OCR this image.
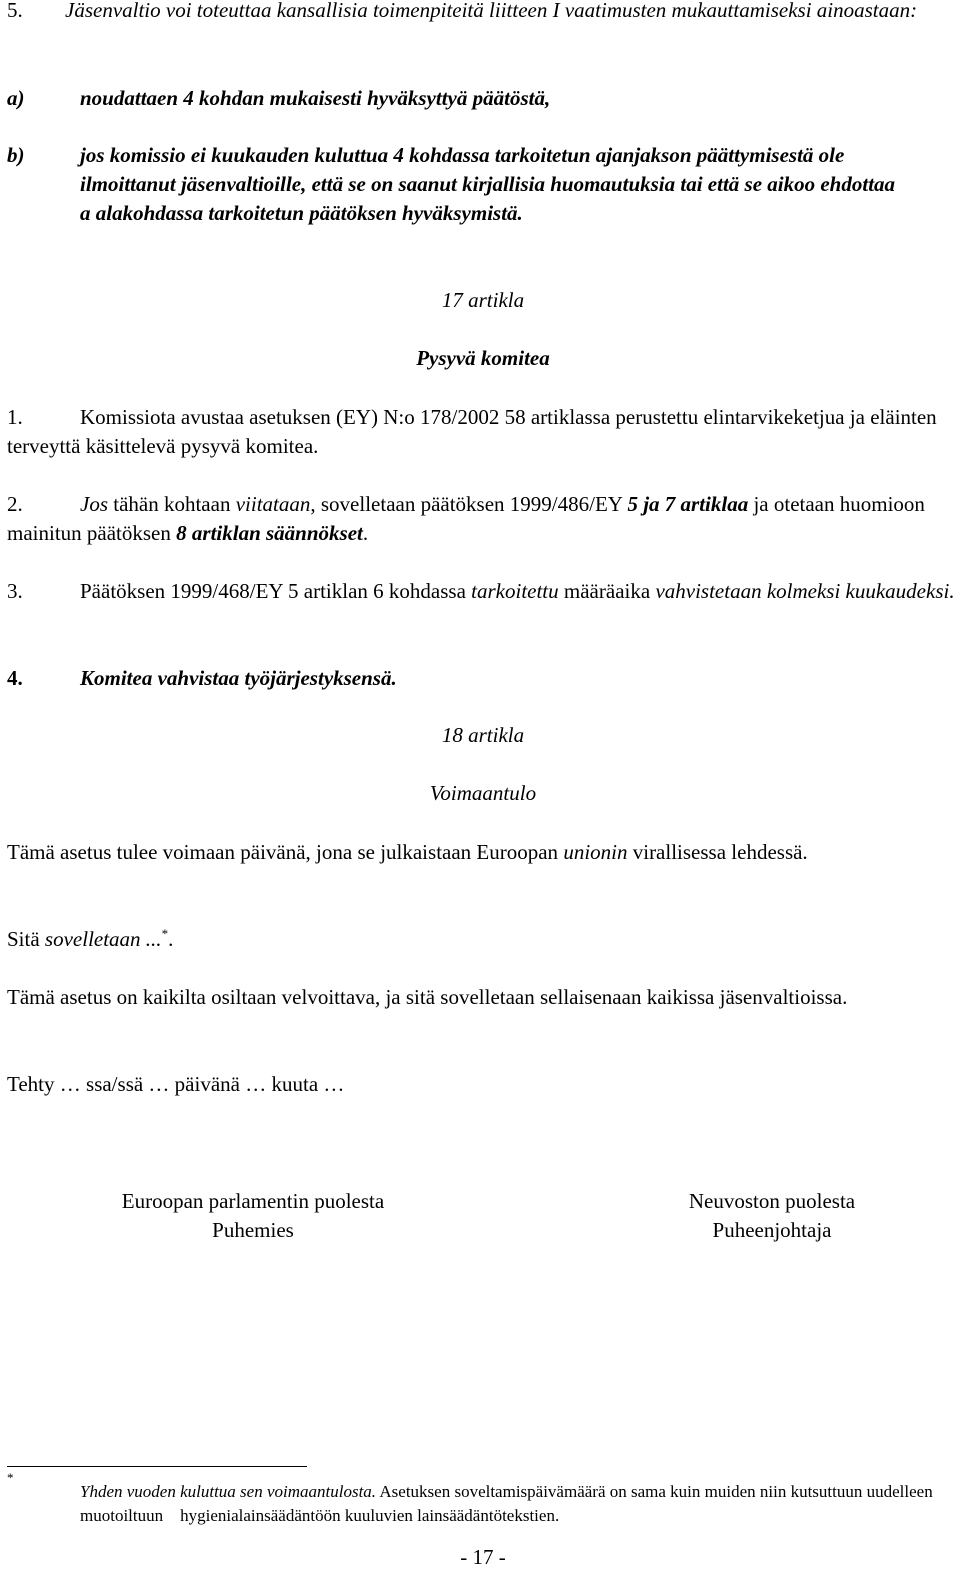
5. Jäsenvaltio voi toteuttaa kansallisia toimenpiteitä liitteen I vaatimusten mukauttamiseksi ainoastaan:
a)	noudattaen 4 kohdan mukaisesti hyväksyttyä päätöstä,
b)	jos komissio ei kuukauden kuluttua 4 kohdassa tarkoitetun ajanjakson päättymisestä ole ilmoittanut jäsenvaltioille, että se on saanut kirjallisia huomautuksia tai että se aikoo ehdottaa a alakohdassa tarkoitetun päätöksen hyväksymistä.
17 artikla
Pysyvä komitea
1.	Komissiota avustaa asetuksen (EY) N:o 178/2002 58 artiklassa perustettu elintarvikeketjua ja eläinten terveyttä käsittelevä pysyvä komitea.
2.	Jos tähän kohtaan viitataan, sovelletaan päätöksen 1999/486/EY 5 ja 7 artiklaa ja otetaan huomioon mainitun päätöksen 8 artiklan säännökset.
3.	Päätöksen 1999/468/EY 5 artiklan 6 kohdassa tarkoitettu määräaika vahvistetaan kolmeksi kuukaudeksi.
4.	Komitea vahvistaa työjärjestyksensä.
18 artikla
Voimaantulo
Tämä asetus tulee voimaan päivänä, jona se julkaistaan Euroopan unionin virallisessa lehdessä.
Sitä sovelletaan ...*.
Tämä asetus on kaikilta osiltaan velvoittava, ja sitä sovelletaan sellaisenaan kaikissa jäsenvaltioissa.
Tehty … ssa/ssä … päivänä … kuuta …
Euroopan parlamentin puolesta
Puhemies
Neuvoston puolesta
Puheenjohtaja
*
Yhden vuoden kuluttua sen voimaantulosta. Asetuksen soveltamispäivämäärä on sama kuin muiden niin kutsuttuun uudelleen muotoiltuun    hygienialainsäädäntöön kuuluvien lainsäädäntötekstien.
- 17 -
